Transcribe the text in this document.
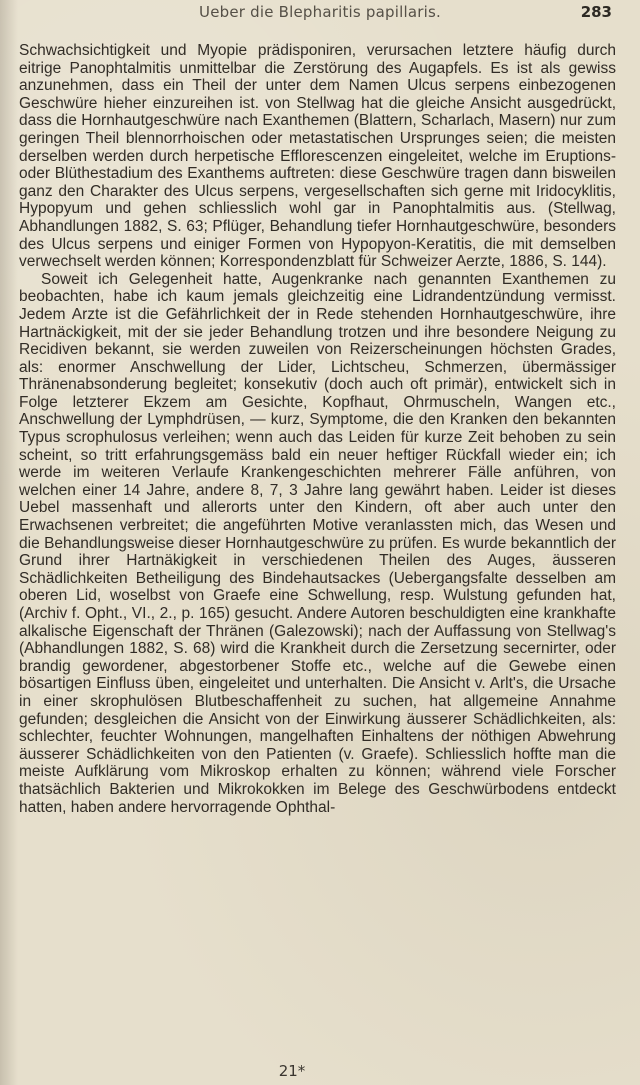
Ueber die Blepharitis papillaris.	283

Schwachsichtigkeit und Myopie prädisponiren, verursachen letztere häufig durch eitrige Panophtalmitis unmittelbar die Zerstörung des Augapfels. Es ist als gewiss anzunehmen, dass ein Theil der unter dem Namen Ulcus serpens einbezogenen Geschwüre hieher einzureihen ist. von Stellwag hat die gleiche Ansicht ausgedrückt, dass die Hornhautgeschwüre nach Exanthemen (Blattern, Scharlach, Masern) nur zum geringen Theil blennorrhoischen oder metastatischen Ursprunges seien; die meisten derselben werden durch herpetische Efflorescenzen eingeleitet, welche im Eruptions- oder Blüthestadium des Exanthems auftreten: diese Geschwüre tragen dann bisweilen ganz den Charakter des Ulcus serpens, vergesellschaften sich gerne mit Iridocyklitis, Hypopyum und gehen schliesslich wohl gar in Panophtalmitis aus. (Stellwag, Abhandlungen 1882, S. 63; Pflüger, Behandlung tiefer Hornhautgeschwüre, besonders des Ulcus serpens und einiger Formen von Hypopyon-Keratitis, die mit demselben verwechselt werden können; Korrespondenzblatt für Schweizer Aerzte, 1886, S. 144).

Soweit ich Gelegenheit hatte, Augenkranke nach genannten Exanthemen zu beobachten, habe ich kaum jemals gleichzeitig eine Lidrandentzündung vermisst. Jedem Arzte ist die Gefährlichkeit der in Rede stehenden Hornhautgeschwüre, ihre Hartnäckigkeit, mit der sie jeder Behandlung trotzen und ihre besondere Neigung zu Recidiven bekannt, sie werden zuweilen von Reizerscheinungen höchsten Grades, als: enormer Anschwellung der Lider, Lichtscheu, Schmerzen, übermässiger Thränenabsonderung begleitet; konsekutiv (doch auch oft primär), entwickelt sich in Folge letzterer Ekzem am Gesichte, Kopfhaut, Ohrmuscheln, Wangen etc., Anschwellung der Lymphdrüsen, — kurz, Symptome, die den Kranken den bekannten Typus scrophulosus verleihen; wenn auch das Leiden für kurze Zeit behoben zu sein scheint, so tritt erfahrungsgemäss bald ein neuer heftiger Rückfall wieder ein; ich werde im weiteren Verlaufe Krankengeschichten mehrerer Fälle anführen, von welchen einer 14 Jahre, andere 8, 7, 3 Jahre lang gewährt haben. Leider ist dieses Uebel massenhaft und allerorts unter den Kindern, oft aber auch unter den Erwachsenen verbreitet; die angeführten Motive veranlassten mich, das Wesen und die Behandlungsweise dieser Hornhautgeschwüre zu prüfen. Es wurde bekanntlich der Grund ihrer Hartnäkigkeit in verschiedenen Theilen des Auges, äusseren Schädlichkeiten Betheiligung des Bindehautsackes (Uebergangsfalte desselben am oberen Lid, woselbst von Graefe eine Schwellung, resp. Wulstung gefunden hat, (Archiv f. Opht., VI., 2., p. 165) gesucht. Andere Autoren beschuldigten eine krankhafte alkalische Eigenschaft der Thränen (Galezowski); nach der Auffassung von Stellwag's (Abhandlungen 1882, S. 68) wird die Krankheit durch die Zersetzung secernirter, oder brandig gewordener, abgestorbener Stoffe etc., welche auf die Gewebe einen bösartigen Einfluss üben, eingeleitet und unterhalten. Die Ansicht v. Arlt's, die Ursache in einer skrophulösen Blutbeschaffenheit zu suchen, hat allgemeine Annahme gefunden; desgleichen die Ansicht von der Einwirkung äusserer Schädlichkeiten, als: schlechter, feuchter Wohnungen, mangelhaften Einhaltens der nöthigen Abwehrung äusserer Schädlichkeiten von den Patienten (v. Graefe). Schliesslich hoffte man die meiste Aufklärung vom Mikroskop erhalten zu können; während viele Forscher thatsächlich Bakterien und Mikrokokken im Belege des Geschwürbodens entdeckt hatten, haben andere hervorragende Ophthal-

21*
